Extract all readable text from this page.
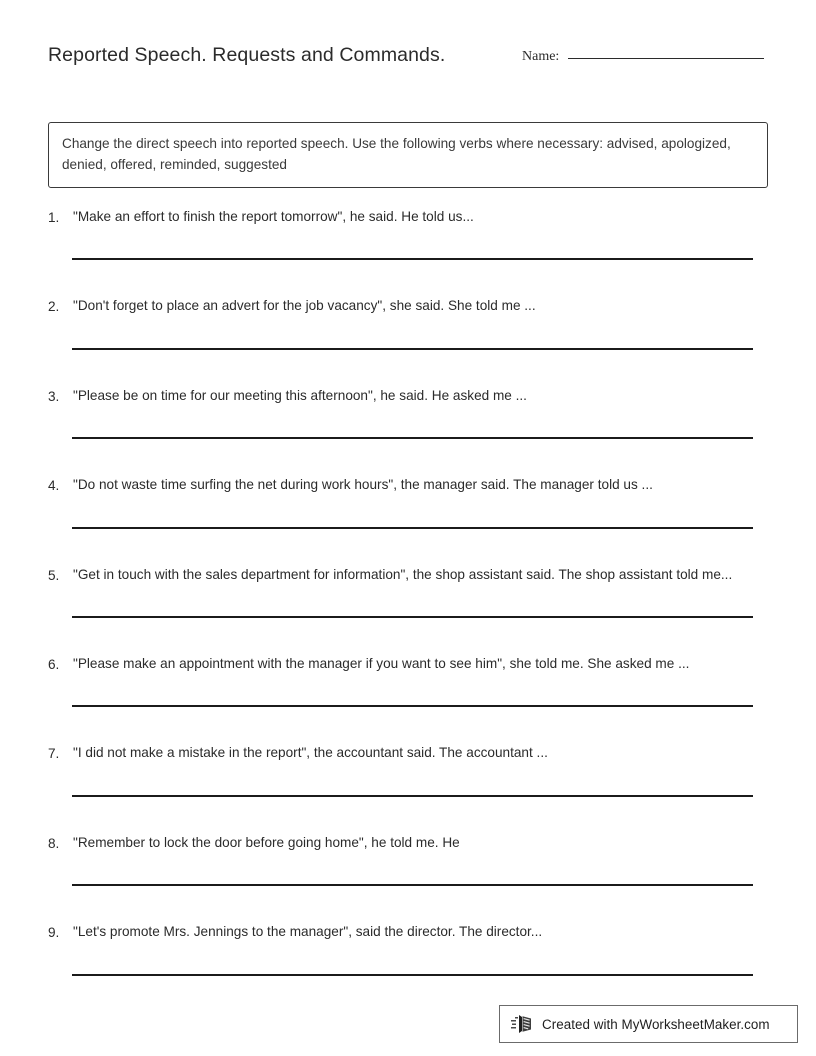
Reported Speech. Requests and Commands.	Name:
Change the direct speech into reported speech. Use the following verbs where necessary: advised, apologized, denied, offered, reminded, suggested
1.	"Make an effort to finish the report tomorrow", he said. He told us...
2.	"Don't forget to place an advert for the job vacancy", she said. She told me ...
3.	"Please be on time for our meeting this afternoon", he said. He asked me ...
4.	"Do not waste time surfing the net during work hours", the manager said. The manager told us ...
5.	"Get in touch with the sales department for information", the shop assistant said. The shop assistant told me...
6.	"Please make an appointment with the manager if you want to see him", she told me. She asked me ...
7.	"I did not make a mistake in the report", the accountant said. The accountant ...
8.	"Remember to lock the door before going home", he told me. He
9.	"Let's promote Mrs. Jennings to the manager", said the director. The director...
Created with MyWorksheetMaker.com
